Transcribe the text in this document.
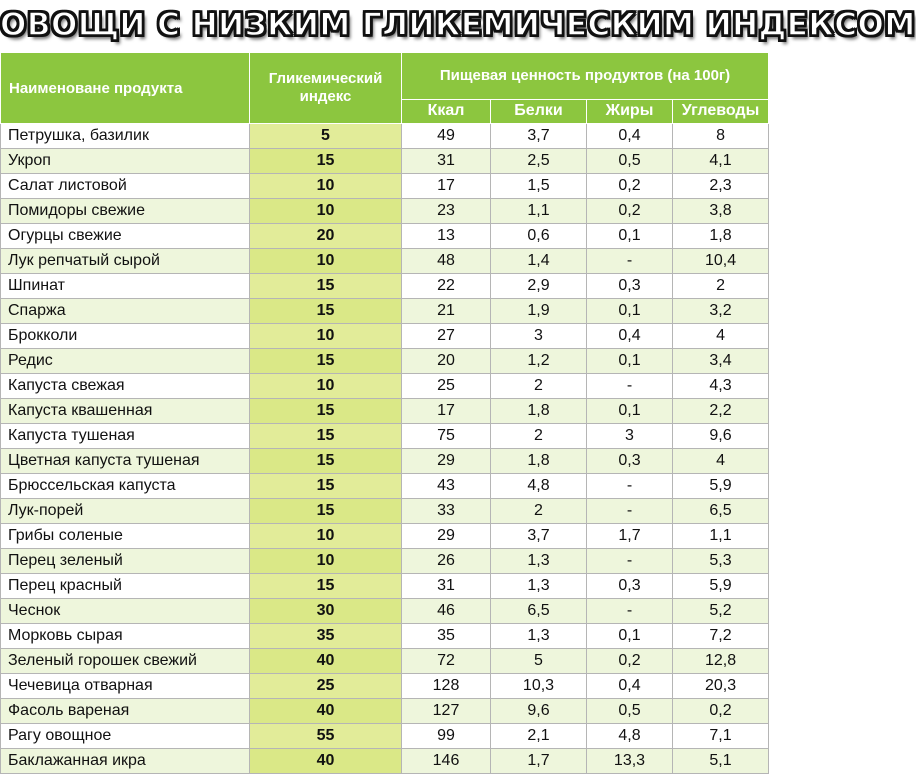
ОВОЩИ С НИЗКИМ ГЛИКЕМИЧЕСКИМ ИНДЕКСОМ
Наименоване продукта	Гликемический индекс	Пищевая ценность продуктов (на 100г)			
		Ккал	Белки	Жиры	Углеводы
Петрушка, базилик	5	49	3,7	0,4	8
Укроп	15	31	2,5	0,5	4,1
Салат листовой	10	17	1,5	0,2	2,3
Помидоры свежие	10	23	1,1	0,2	3,8
Огурцы свежие	20	13	0,6	0,1	1,8
Лук репчатый сырой	10	48	1,4	-	10,4
Шпинат	15	22	2,9	0,3	2
Спаржа	15	21	1,9	0,1	3,2
Брокколи	10	27	3	0,4	4
Редис	15	20	1,2	0,1	3,4
Капуста свежая	10	25	2	-	4,3
Капуста квашенная	15	17	1,8	0,1	2,2
Капуста тушеная	15	75	2	3	9,6
Цветная капуста тушеная	15	29	1,8	0,3	4
Брюссельская капуста	15	43	4,8	-	5,9
Лук-порей	15	33	2	-	6,5
Грибы соленые	10	29	3,7	1,7	1,1
Перец зеленый	10	26	1,3	-	5,3
Перец красный	15	31	1,3	0,3	5,9
Чеснок	30	46	6,5	-	5,2
Морковь сырая	35	35	1,3	0,1	7,2
Зеленый горошек свежий	40	72	5	0,2	12,8
Чечевица отварная	25	128	10,3	0,4	20,3
Фасоль вареная	40	127	9,6	0,5	0,2
Рагу овощное	55	99	2,1	4,8	7,1
Баклажанная икра	40	146	1,7	13,3	5,1
